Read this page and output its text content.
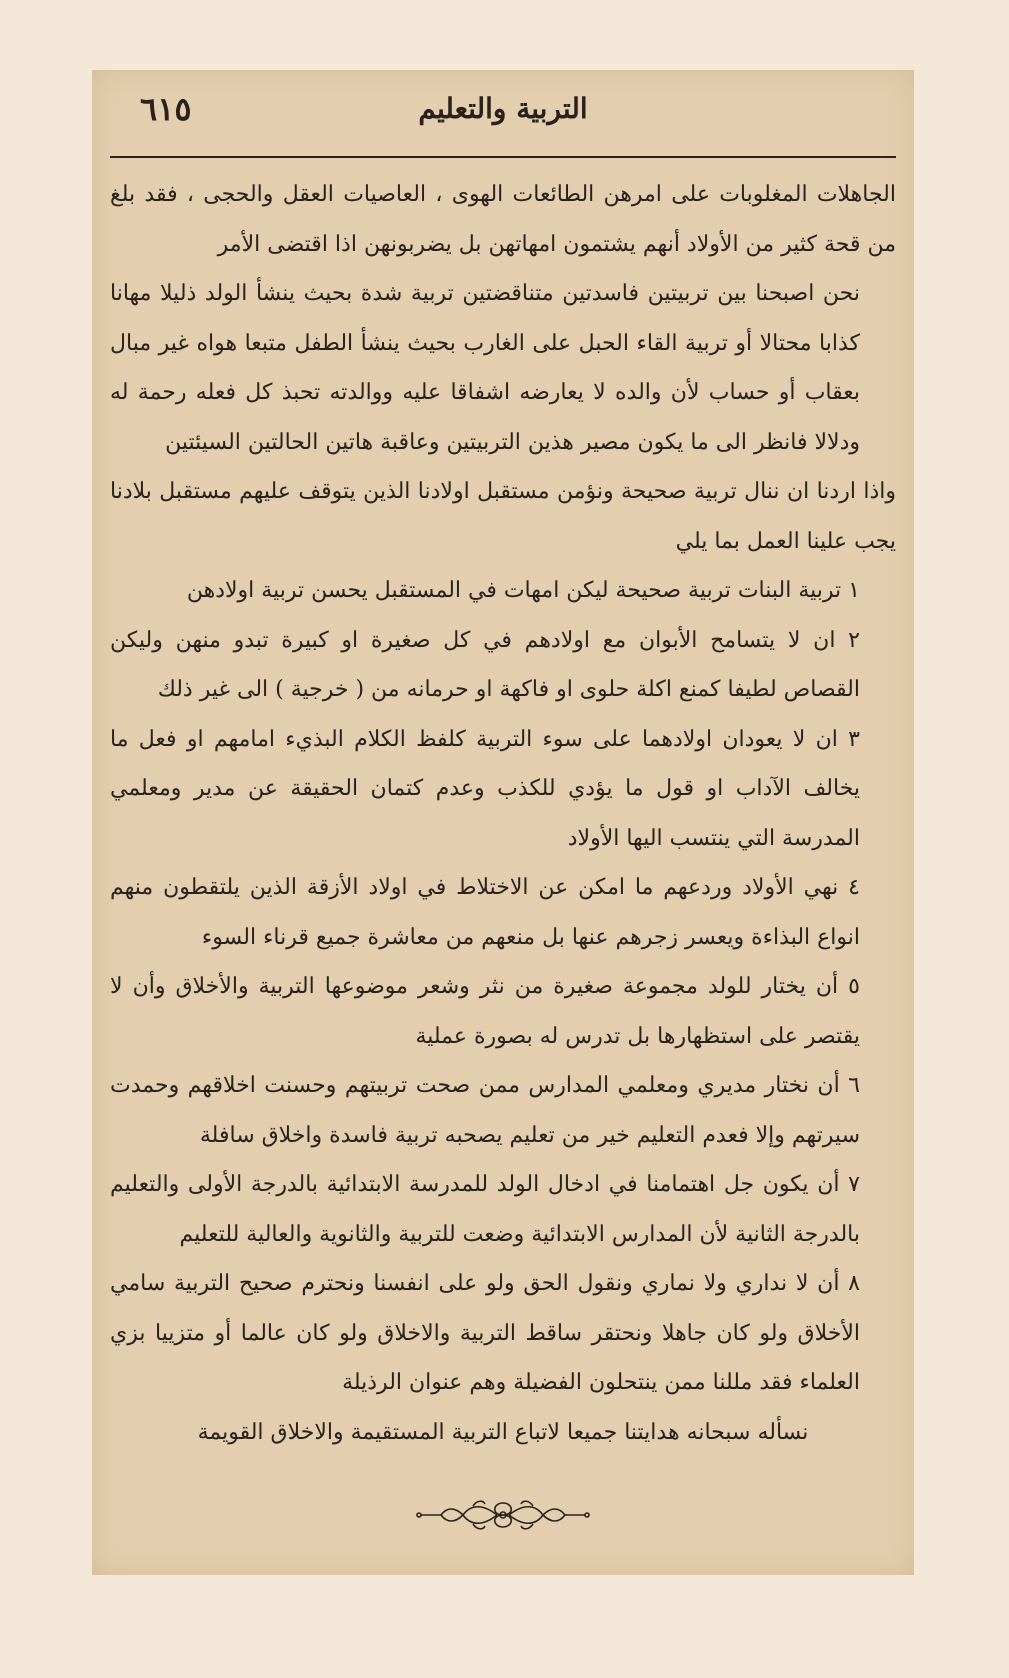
التربية والتعليم
٦١٥

الجاهلات المغلوبات على امرهن الطائعات الهوى ، العاصيات العقل والحجى ، فقد بلغ من قحة كثير من الأولاد أنهم يشتمون امهاتهن بل يضربونهن اذا اقتضى الأمر

نحن اصبحنا بين تربيتين فاسدتين متناقضتين تربية شدة بحيث ينشأ الولد ذليلا مهانا كذابا محتالا أو تربية القاء الحبل على الغارب بحيث ينشأ الطفل متبعا هواه غير مبال بعقاب أو حساب لأن والده لا يعارضه اشفاقا عليه ووالدته تحبذ كل فعله رحمة له ودلالا فانظر الى ما يكون مصير هذين التربيتين وعاقبة هاتين الحالتين السيئتين

واذا اردنا ان ننال تربية صحيحة ونؤمن مستقبل اولادنا الذين يتوقف عليهم مستقبل بلادنا يجب علينا العمل بما يلي

١ تربية البنات تربية صحيحة ليكن امهات في المستقبل يحسن تربية اولادهن

٢ ان لا يتسامح الأبوان مع اولادهم في كل صغيرة او كبيرة تبدو منهن وليكن القصاص لطيفا كمنع اكلة حلوى او فاكهة او حرمانه من ( خرجية ) الى غير ذلك

٣ ان لا يعودان اولادهما على سوء التربية كلفظ الكلام البذيء امامهم او فعل ما يخالف الآداب او قول ما يؤدي للكذب وعدم كتمان الحقيقة عن مدير ومعلمي المدرسة التي ينتسب اليها الأولاد

٤ نهي الأولاد وردعهم ما امكن عن الاختلاط في اولاد الأزقة الذين يلتقطون منهم انواع البذاءة ويعسر زجرهم عنها بل منعهم من معاشرة جميع قرناء السوء

٥ أن يختار للولد مجموعة صغيرة من نثر وشعر موضوعها التربية والأخلاق وأن لا يقتصر على استظهارها بل تدرس له بصورة عملية

٦ أن نختار مديري ومعلمي المدارس ممن صحت تربيتهم وحسنت اخلاقهم وحمدت سيرتهم وإلا فعدم التعليم خير من تعليم يصحبه تربية فاسدة واخلاق سافلة

٧ أن يكون جل اهتمامنا في ادخال الولد للمدرسة الابتدائية بالدرجة الأولى والتعليم بالدرجة الثانية لأن المدارس الابتدائية وضعت للتربية والثانوية والعالية للتعليم

٨ أن لا نداري ولا نماري ونقول الحق ولو على انفسنا ونحترم صحيح التربية سامي الأخلاق ولو كان جاهلا ونحتقر ساقط التربية والاخلاق ولو كان عالما أو متزييا بزي العلماء فقد مللنا ممن ينتحلون الفضيلة وهم عنوان الرذيلة

نسأله سبحانه هدايتنا جميعا لاتباع التربية المستقيمة والاخلاق القويمة
